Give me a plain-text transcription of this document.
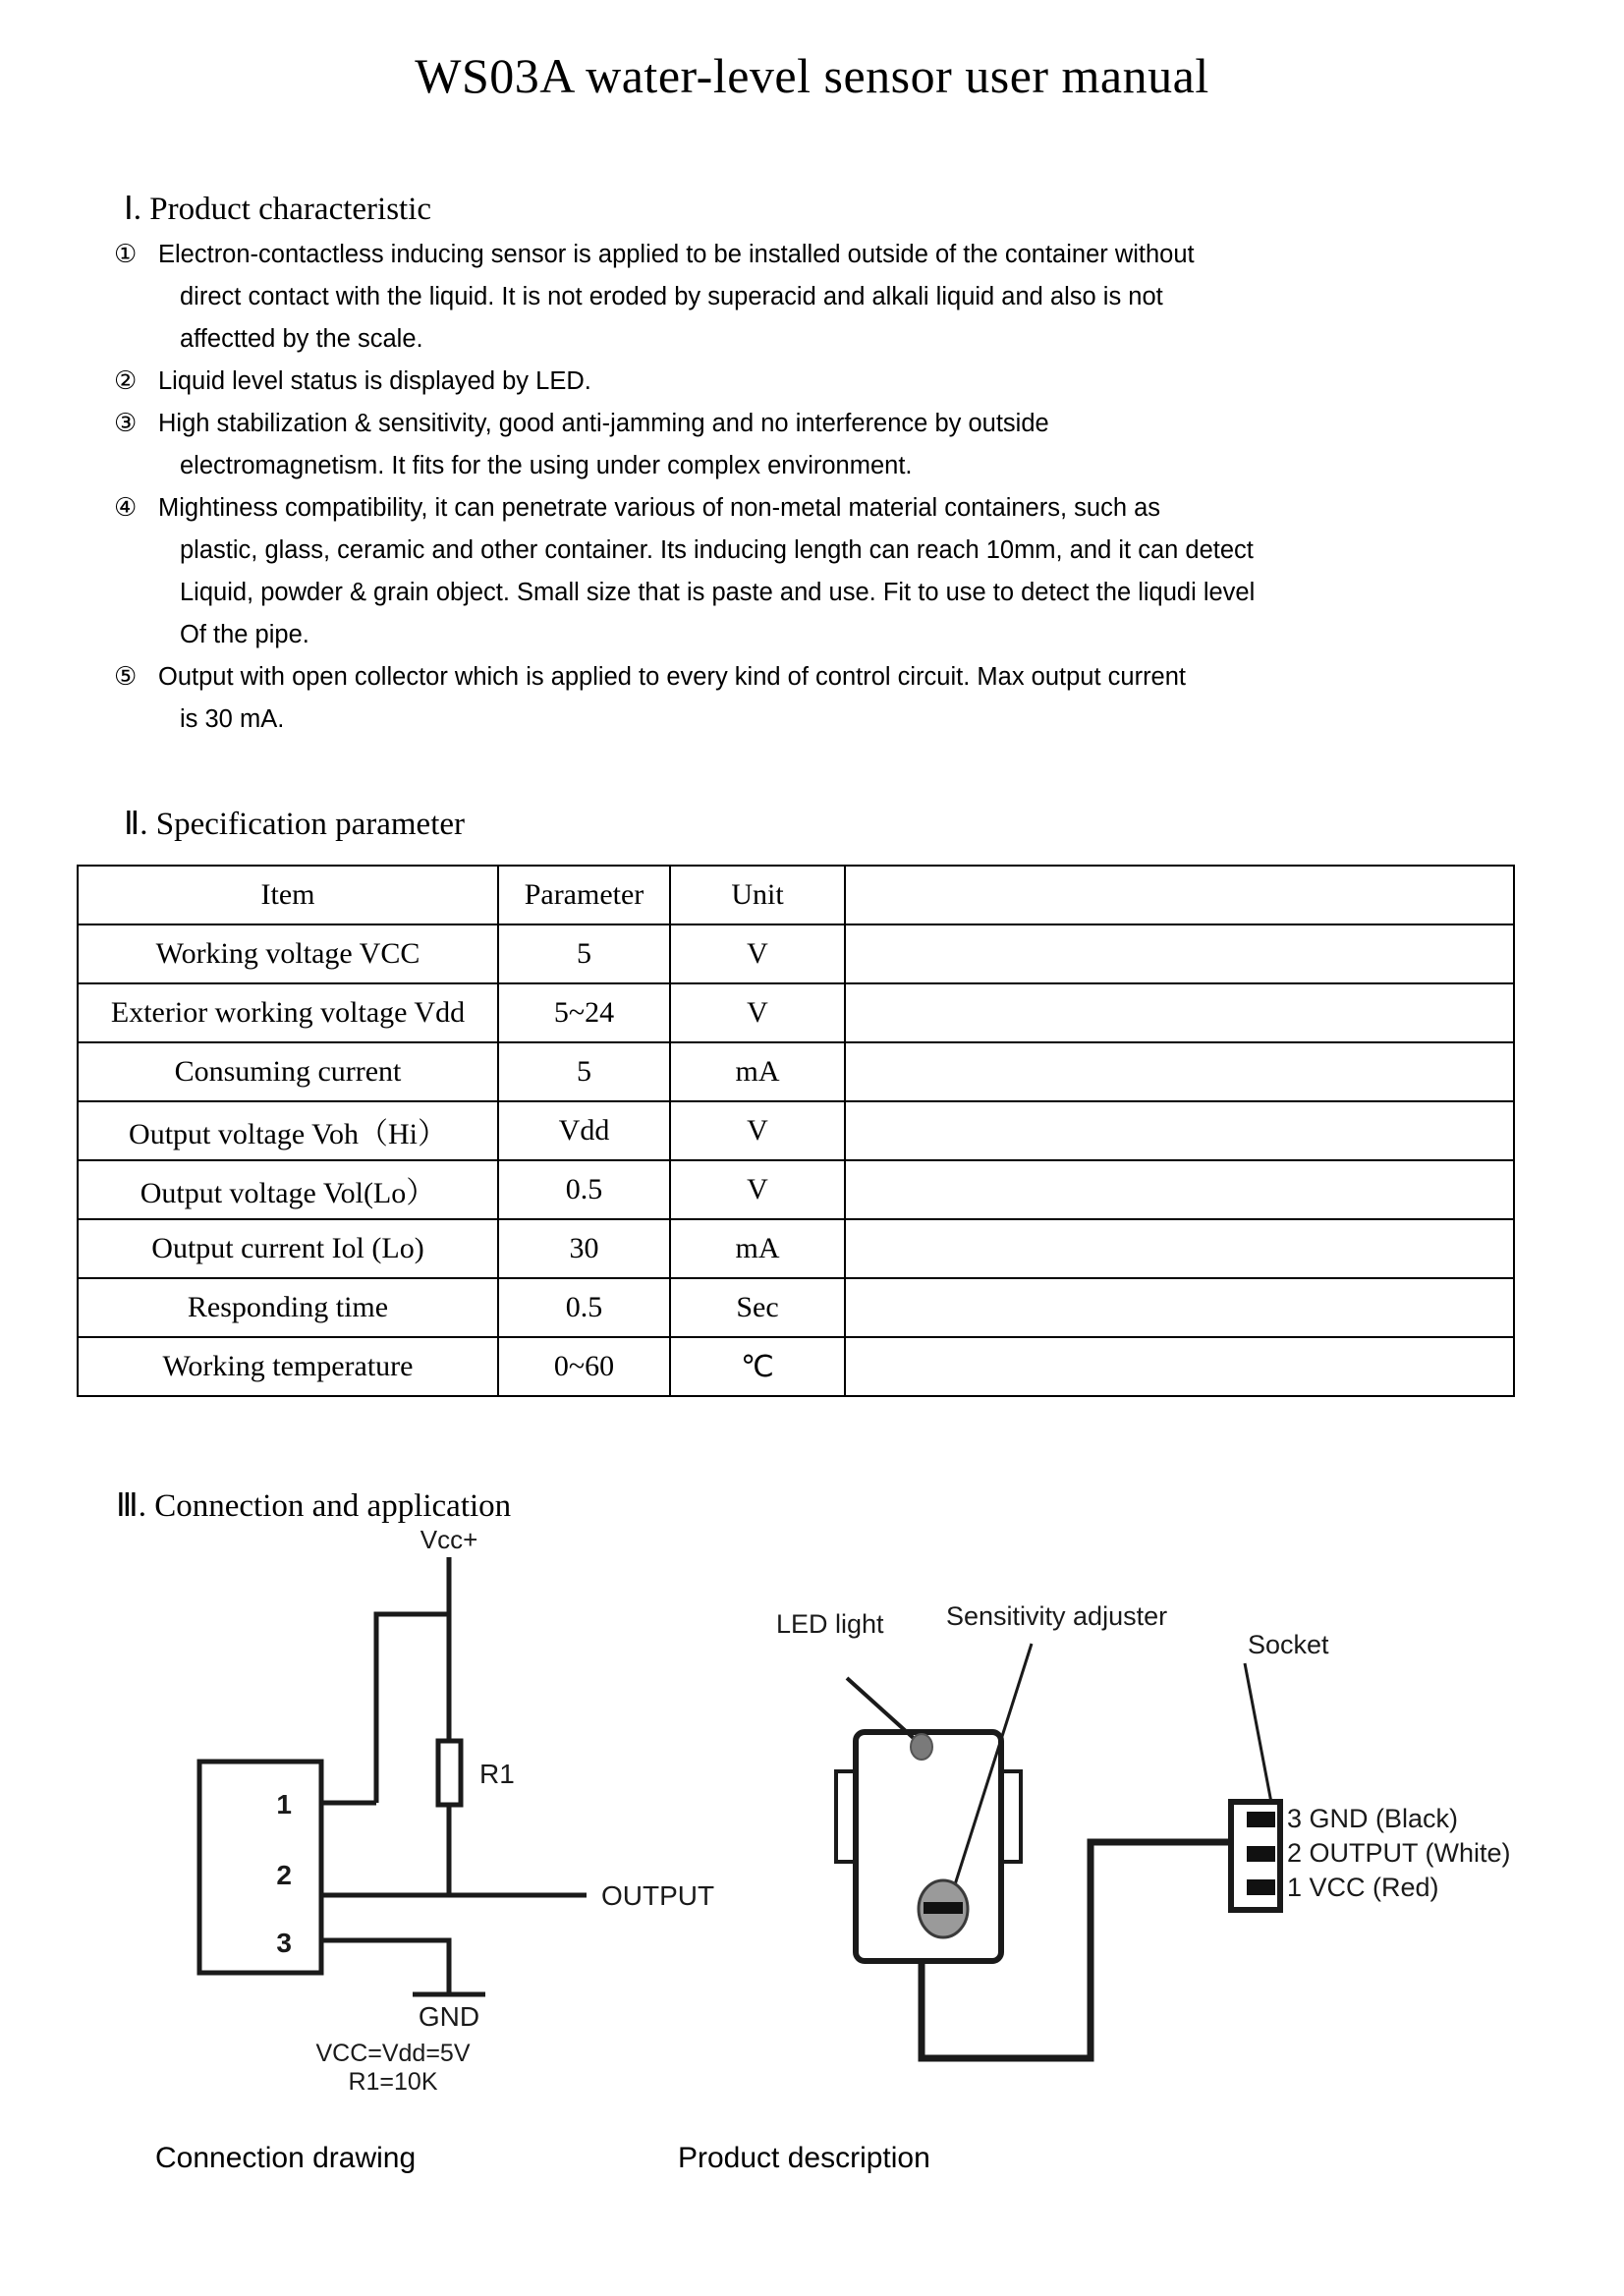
WS03A water-level sensor user manual
Ⅰ. Product characteristic
① Electron-contactless inducing sensor is applied to be installed outside of the container without
direct contact with the liquid. It is not eroded by superacid and alkali liquid and also is not
affectted by the scale.
② Liquid level status is displayed by LED.
③ High stabilization & sensitivity, good anti-jamming and no interference by outside
electromagnetism. It fits for the using under complex environment.
④ Mightiness compatibility, it can penetrate various of non-metal material containers, such as
plastic, glass, ceramic and other container. Its inducing length can reach 10mm, and it can detect
Liquid, powder & grain object. Small size that is paste and use. Fit to use to detect the liqudi level
Of the pipe.
⑤ Output with open collector which is applied to every kind of control circuit. Max output current
is 30 mA.
Ⅱ. Specification parameter
Item	Parameter	Unit	
Working voltage VCC	5	V	
Exterior working voltage Vdd	5~24	V	
Consuming current	5	mA	
Output voltage Voh（Hi）	Vdd	V	
Output voltage Vol(Lo）	0.5	V	
Output current Iol (Lo)	30	mA	
Responding time	0.5	Sec	
Working temperature	0~60	℃	
Ⅲ. Connection and application
Vcc+
R1
1
2
3
OUTPUT
GND
VCC=Vdd=5V
R1=10K
LED light Sensitivity adjuster
Socket
3 GND (Black)
2 OUTPUT (White)
1 VCC (Red)
Connection drawing	Product description
